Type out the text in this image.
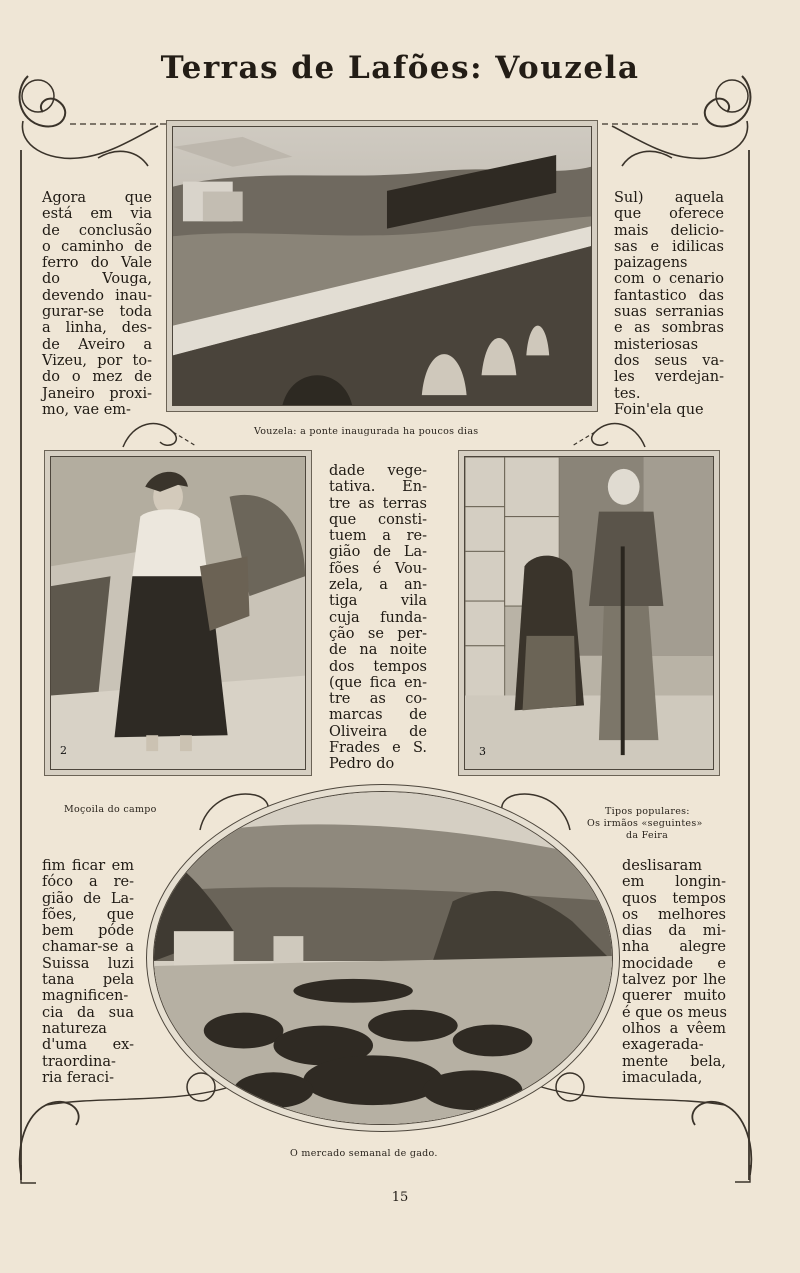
Terras de Lafões: Vouzela
Vouzela: a ponte inaugurada ha poucos dias
Agora que
está em via
de conclusão
o caminho de
ferro do Vale
do Vouga,
devendo inau-
gurar-se toda
a linha, des-
de Aveiro a
Vizeu, por to-
do o mez de
Janeiro proxi-
mo, vae em-
Sul) aquela
que oferece
mais delicio-
sas e idilicas
paizagens
com o cenario
fantastico das
suas serranias
e as sombras
misteriosas
dos seus va-
les verdejan-
tes.
Foin'ela que
2
dade vege-
tativa. En-
tre as terras
que consti-
tuem a re-
gião de La-
fões é Vou-
zela, a an-
tiga vila
cuja funda-
ção se per-
de na noite
dos tempos
(que fica en-
tre as co-
marcas de
Oliveira de
Frades e S.
Pedro do
3
Moçoila do campo	Tipos populares:
Os irmãos «seguintes»
da Feira
fim ficar em
fóco a re-
gião de La-
fões, que
bem póde
chamar-se a
Suissa luzi
tana pela
magnificen-
cia da sua
natureza
d'uma ex-
traordina-
ria feraci-
deslisaram
em longin-
quos tempos
os melhores
dias da mi-
nha alegre
mocidade e
talvez por lhe
querer muito
é que os meus
olhos a vêem
exagerada-
mente bela,
imaculada,
O mercado semanal de gado.
15
